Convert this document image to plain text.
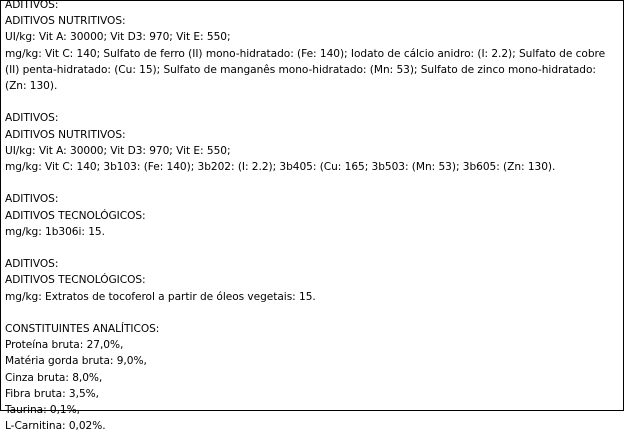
ADITIVOS:
ADITIVOS NUTRITIVOS:
UI/kg: Vit A: 30000; Vit D3: 970; Vit E: 550;
mg/kg: Vit C: 140; Sulfato de ferro (II) mono-hidratado: (Fe: 140); Iodato de cálcio anidro: (I: 2.2); Sulfato de cobre (II) penta-hidratado: (Cu: 15); Sulfato de manganês mono-hidratado: (Mn: 53); Sulfato de zinco mono-hidratado: (Zn: 130).
ADITIVOS:
ADITIVOS NUTRITIVOS:
UI/kg: Vit A: 30000; Vit D3: 970; Vit E: 550;
mg/kg: Vit C: 140; 3b103: (Fe: 140); 3b202: (I: 2.2); 3b405: (Cu: 165; 3b503: (Mn: 53); 3b605: (Zn: 130).
ADITIVOS:
ADITIVOS TECNOLÓGICOS:
mg/kg: 1b306i: 15.
ADITIVOS:
ADITIVOS TECNOLÓGICOS:
mg/kg: Extratos de tocoferol a partir de óleos vegetais: 15.
CONSTITUINTES ANALÍTICOS:
Proteína bruta: 27,0%,
Matéria gorda bruta: 9,0%,
Cinza bruta: 8,0%,
Fibra bruta: 3,5%,
Taurina: 0,1%,
L-Carnitina: 0,02%.
